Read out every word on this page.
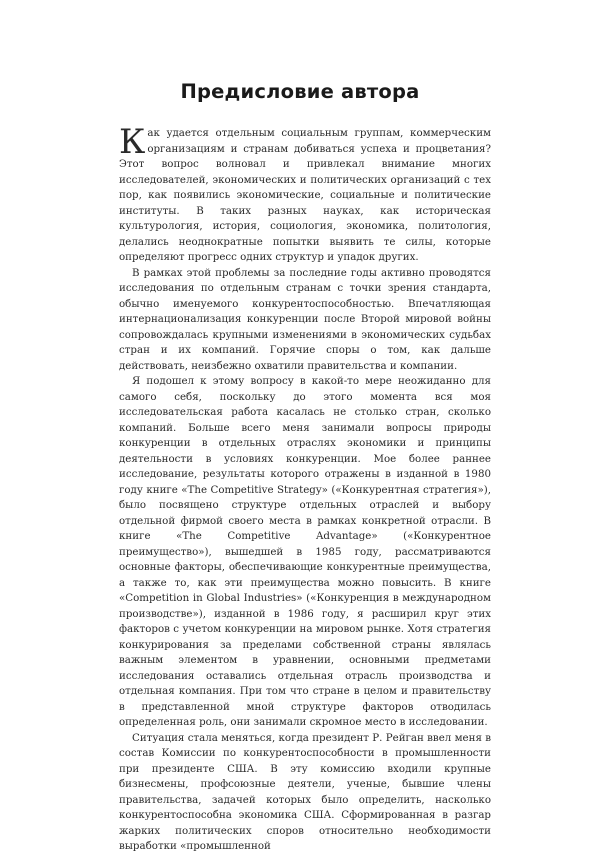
Предисловие автора

Как удается отдельным социальным группам, коммерческим организациям и странам добиваться успеха и процветания? Этот вопрос волновал и привлекал внимание многих исследователей, экономических и политических организаций с тех пор, как появились экономические, социальные и политические институты. В таких разных науках, как историческая культурология, история, социология, экономика, политология, делались неоднократные попытки выявить те силы, которые определяют прогресс одних структур и упадок других.

В рамках этой проблемы за последние годы активно проводятся исследования по отдельным странам с точки зрения стандарта, обычно именуемого конкурентоспособностью. Впечатляющая интернационализация конкуренции после Второй мировой войны сопровождалась крупными изменениями в экономических судьбах стран и их компаний. Горячие споры о том, как дальше действовать, неизбежно охватили правительства и компании.

Я подошел к этому вопросу в какой-то мере неожиданно для самого себя, поскольку до этого момента вся моя исследовательская работа касалась не столько стран, сколько компаний. Больше всего меня занимали вопросы природы конкуренции в отдельных отраслях экономики и принципы деятельности в условиях конкуренции. Мое более раннее исследование, результаты которого отражены в изданной в 1980 году книге «The Competitive Strategy» («Конкурентная стратегия»), было посвящено структуре отдельных отраслей и выбору отдельной фирмой своего места в рамках конкретной отрасли. В книге «The Competitive Advantage» («Конкурентное преимущество»), вышедшей в 1985 году, рассматриваются основные факторы, обеспечивающие конкурентные преимущества, а также то, как эти преимущества можно повысить. В книге «Competition in Global Industries» («Конкуренция в международном производстве»), изданной в 1986 году, я расширил круг этих факторов с учетом конкуренции на мировом рынке. Хотя стратегия конкурирования за пределами собственной страны являлась важным элементом в уравнении, основными предметами исследования оставались отдельная отрасль производства и отдельная компания. При том что стране в целом и правительству в представленной мной структуре факторов отводилась определенная роль, они занимали скромное место в исследовании.

Ситуация стала меняться, когда президент Р. Рейган ввел меня в состав Комиссии по конкурентоспособности в промышленности при президенте США. В эту комиссию входили крупные бизнесмены, профсоюзные деятели, ученые, бывшие члены правительства, задачей которых было определить, насколько конкурентоспособна экономика США. Сформированная в разгар жарких политических споров относительно необходимости выработки «промышленной
